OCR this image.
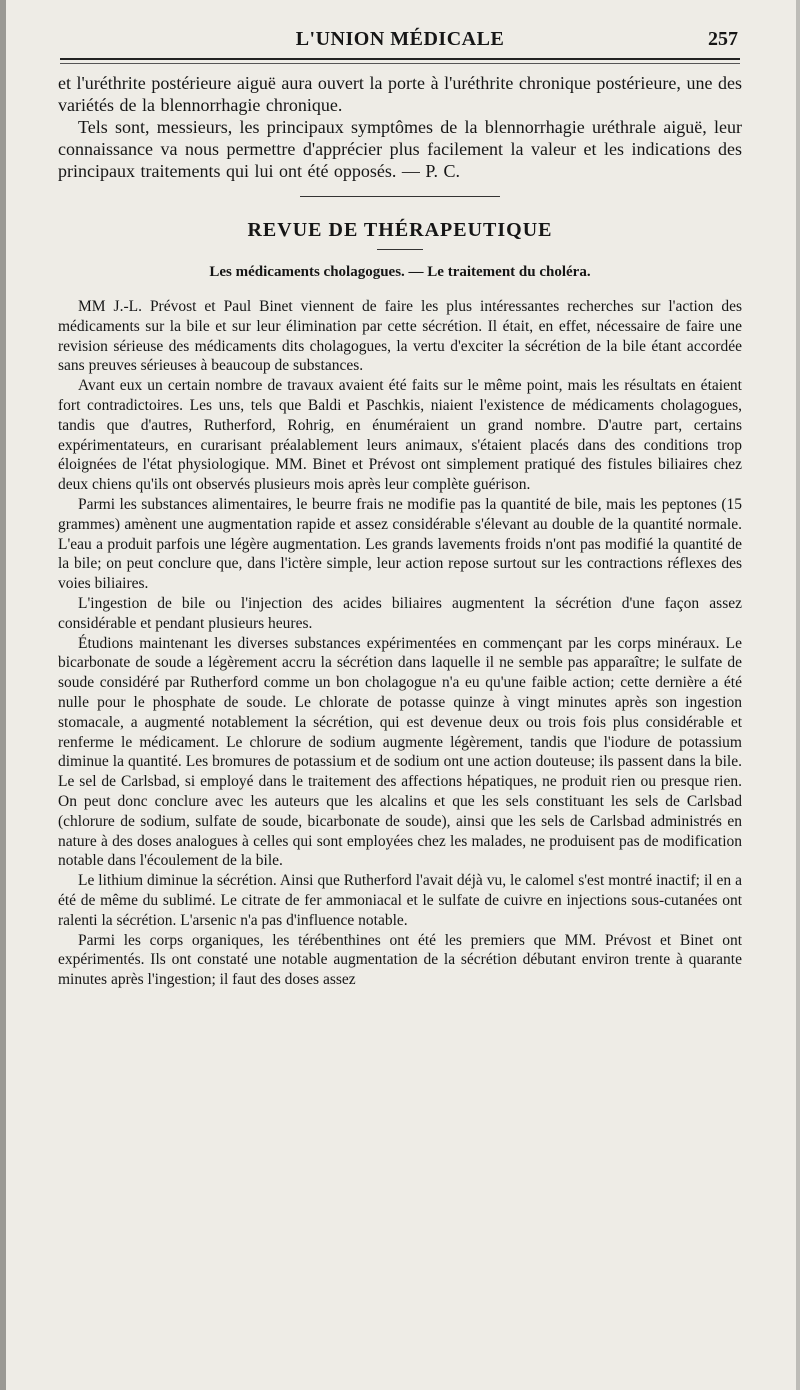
L'UNION MÉDICALE	257

et l'uréthrite postérieure aiguë aura ouvert la porte à l'uréthrite chronique postérieure, une des variétés de la blennorrhagie chronique.

Tels sont, messieurs, les principaux symptômes de la blennorrhagie uréthrale aiguë, leur connaissance va nous permettre d'apprécier plus facilement la valeur et les indications des principaux traitements qui lui ont été opposés. — P. C.

REVUE DE THÉRAPEUTIQUE
Les médicaments cholagogues. — Le traitement du choléra.

MM J.-L. Prévost et Paul Binet viennent de faire les plus intéressantes recherches sur l'action des médicaments sur la bile et sur leur élimination par cette sécrétion. Il était, en effet, nécessaire de faire une revision sérieuse des médicaments dits cholagogues, la vertu d'exciter la sécrétion de la bile étant accordée sans preuves sérieuses à beaucoup de substances.

Avant eux un certain nombre de travaux avaient été faits sur le même point, mais les résultats en étaient fort contradictoires. Les uns, tels que Baldi et Paschkis, niaient l'existence de médicaments cholagogues, tandis que d'autres, Rutherford, Rohrig, en énuméraient un grand nombre. D'autre part, certains expérimentateurs, en curarisant préalablement leurs animaux, s'étaient placés dans des conditions trop éloignées de l'état physiologique. MM. Binet et Prévost ont simplement pratiqué des fistules biliaires chez deux chiens qu'ils ont observés plusieurs mois après leur complète guérison.

Parmi les substances alimentaires, le beurre frais ne modifie pas la quantité de bile, mais les peptones (15 grammes) amènent une augmentation rapide et assez considérable s'élevant au double de la quantité normale. L'eau a produit parfois une légère augmentation. Les grands lavements froids n'ont pas modifié la quantité de la bile; on peut conclure que, dans l'ictère simple, leur action repose surtout sur les contractions réflexes des voies biliaires.

L'ingestion de bile ou l'injection des acides biliaires augmentent la sécrétion d'une façon assez considérable et pendant plusieurs heures.

Étudions maintenant les diverses substances expérimentées en commençant par les corps minéraux. Le bicarbonate de soude a légèrement accru la sécrétion dans laquelle il ne semble pas apparaître; le sulfate de soude considéré par Rutherford comme un bon cholagogue n'a eu qu'une faible action; cette dernière a été nulle pour le phosphate de soude. Le chlorate de potasse quinze à vingt minutes après son ingestion stomacale, a augmenté notablement la sécrétion, qui est devenue deux ou trois fois plus considérable et renferme le médicament. Le chlorure de sodium augmente légèrement, tandis que l'iodure de potassium diminue la quantité. Les bromures de potassium et de sodium ont une action douteuse; ils passent dans la bile. Le sel de Carlsbad, si employé dans le traitement des affections hépatiques, ne produit rien ou presque rien. On peut donc conclure avec les auteurs que les alcalins et que les sels constituant les sels de Carlsbad (chlorure de sodium, sulfate de soude, bicarbonate de soude), ainsi que les sels de Carlsbad administrés en nature à des doses analogues à celles qui sont employées chez les malades, ne produisent pas de modification notable dans l'écoulement de la bile.

Le lithium diminue la sécrétion. Ainsi que Rutherford l'avait déjà vu, le calomel s'est montré inactif; il en a été de même du sublimé. Le citrate de fer ammoniacal et le sulfate de cuivre en injections sous-cutanées ont ralenti la sécrétion. L'arsenic n'a pas d'influence notable.

Parmi les corps organiques, les térébenthines ont été les premiers que MM. Prévost et Binet ont expérimentés. Ils ont constaté une notable augmentation de la sécrétion débutant environ trente à quarante minutes après l'ingestion; il faut des doses assez
